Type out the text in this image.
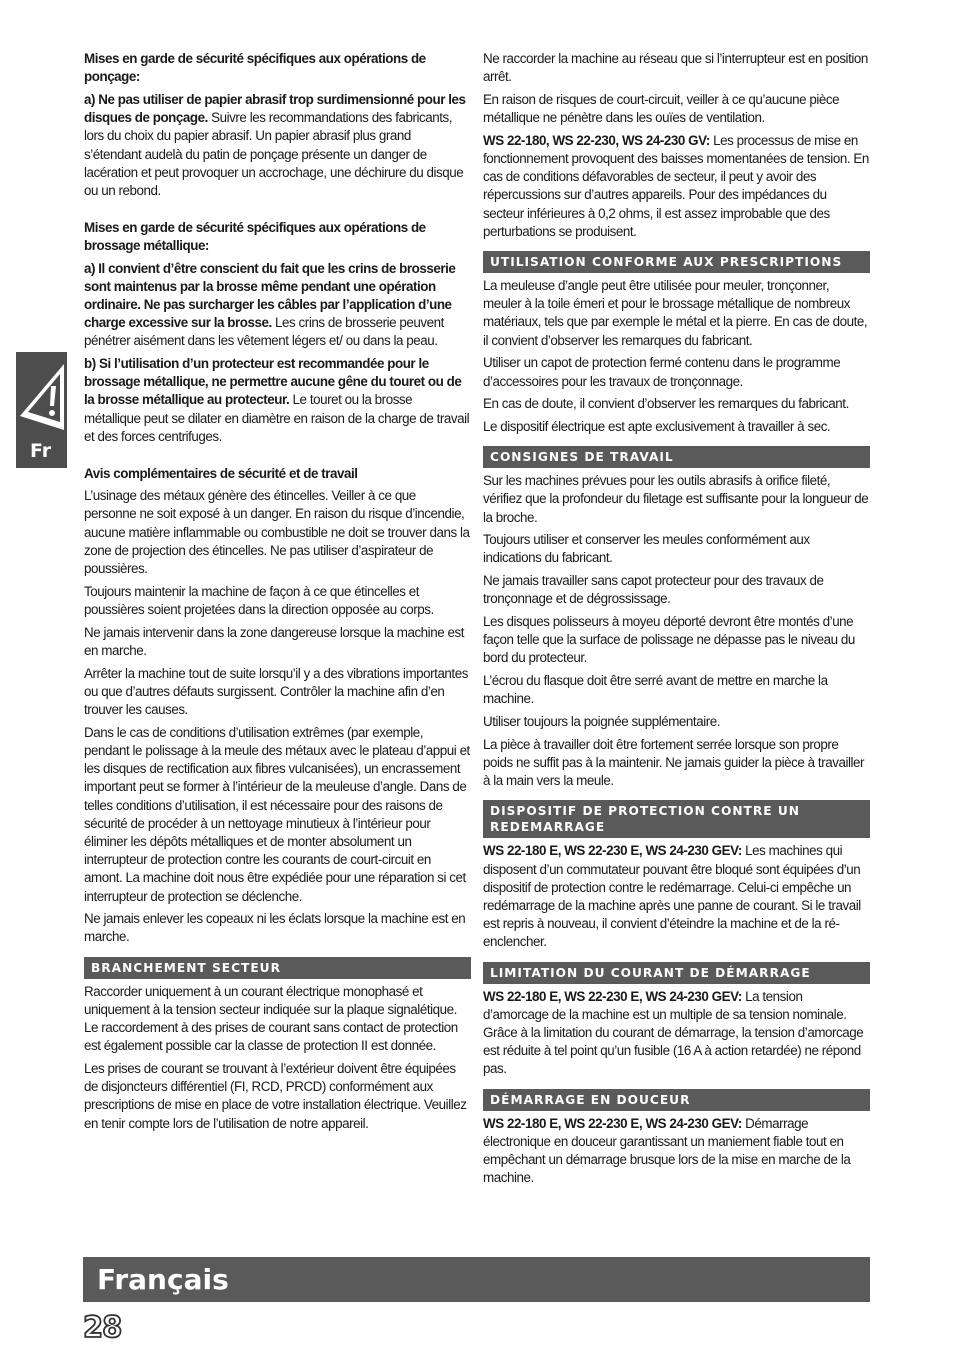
Mises en garde de sécurité spécifiques aux opérations de ponçage:

a) Ne pas utiliser de papier abrasif trop surdimensionné pour les disques de ponçage. Suivre les recommandations des fabricants, lors du choix du papier abrasif. Un papier abrasif plus grand s’étendant audelà du patin de ponçage présente un danger de lacération et peut provoquer un accrochage, une déchirure du disque ou un rebond.

Mises en garde de sécurité spécifiques aux opérations de brossage métallique:

a) Il convient d’être conscient du fait que les crins de brosserie sont maintenus par la brosse même pendant une opération ordinaire. Ne pas surcharger les câbles par l’application d’une charge excessive sur la brosse. Les crins de brosserie peuvent pénétrer aisément dans les vêtement légers et/ ou dans la peau.

b) Si l’utilisation d’un protecteur est recommandée pour le brossage métallique, ne permettre aucune gêne du touret ou de la brosse métallique au protecteur. Le touret ou la brosse métallique peut se dilater en diamètre en raison de la charge de travail et des forces centrifuges.

Avis complémentaires de sécurité et de travail

L’usinage des métaux génère des étincelles. Veiller à ce que personne ne soit exposé à un danger. En raison du risque d’incendie, aucune matière inflammable ou combustible ne doit se trouver dans la zone de projection des étincelles. Ne pas utiliser d’aspirateur de poussières.

Toujours maintenir la machine de façon à ce que étincelles et poussières soient projetées dans la direction opposée au corps.

Ne jamais intervenir dans la zone dangereuse lorsque la machine est en marche.

Arrêter la machine tout de suite lorsqu’il y a des vibrations importantes ou que d’autres défauts surgissent. Contrôler la machine afin d’en trouver les causes.

Dans le cas de conditions d’utilisation extrêmes (par exemple, pendant le polissage à la meule des métaux avec le plateau d’appui et les disques de rectification aux fibres vulcanisées), un encrassement important peut se former à l’intérieur de la meuleuse d’angle. Dans de telles conditions d’utilisation, il est nécessaire pour des raisons de sécurité de procéder à un nettoyage minutieux à l’intérieur pour éliminer les dépôts métalliques et de monter absolument un interrupteur de protection contre les courants de court-circuit en amont. La machine doit nous être expédiée pour une réparation si cet interrupteur de protection se déclenche.

Ne jamais enlever les copeaux ni les éclats lorsque la machine est en marche.

BRANCHEMENT SECTEUR

Raccorder uniquement à un courant électrique monophasé et uniquement à la tension secteur indiquée sur la plaque signalétique. Le raccordement à des prises de courant sans contact de protection est également possible car la classe de protection II est donnée.

Les prises de courant se trouvant à l’extérieur doivent être équipées de disjoncteurs différentiel (FI, RCD, PRCD) conformément aux prescriptions de mise en place de votre installation électrique. Veuillez en tenir compte lors de l’utilisation de notre appareil.

Ne raccorder la machine au réseau que si l’interrupteur est en position arrêt.

En raison de risques de court-circuit, veiller à ce qu’aucune pièce métallique ne pénètre dans les ouïes de ventilation.

WS 22-180, WS 22-230, WS 24-230 GV: Les processus de mise en fonctionnement provoquent des baisses momentanées de tension. En cas de conditions défavorables de secteur, il peut y avoir des répercussions sur d’autres appareils. Pour des impédances du secteur inférieures à 0,2 ohms, il est assez improbable que des perturbations se produisent.

UTILISATION CONFORME AUX PRESCRIPTIONS

La meuleuse d’angle peut être utilisée pour meuler, tronçonner, meuler à la toile émeri et pour le brossage métallique de nombreux matériaux, tels que par exemple le métal et la pierre. En cas de doute, il convient d’observer les remarques du fabricant.

Utiliser un capot de protection fermé contenu dans le programme d’accessoires pour les travaux de tronçonnage.

En cas de doute, il convient d’observer les remarques du fabricant.

Le dispositif électrique est apte exclusivement à travailler à sec.

CONSIGNES DE TRAVAIL

Sur les machines prévues pour les outils abrasifs à orifice fileté, vérifiez que la profondeur du filetage est suffisante pour la longueur de la broche.

Toujours utiliser et conserver les meules conformément aux indications du fabricant.

Ne jamais travailler sans capot protecteur pour des travaux de tronçonnage et de dégrossissage.

Les disques polisseurs à moyeu déporté devront être montés d’une façon telle que la surface de polissage ne dépasse pas le niveau du bord du protecteur.

L’écrou du flasque doit être serré avant de mettre en marche la machine.

Utiliser toujours la poignée supplémentaire.

La pièce à travailler doit être fortement serrée lorsque son propre poids ne suffit pas à la maintenir. Ne jamais guider la pièce à travailler à la main vers la meule.

DISPOSITIF DE PROTECTION CONTRE UN REDEMARRAGE

WS 22-180 E, WS 22-230 E, WS 24-230 GEV: Les machines qui disposent d’un commutateur pouvant être bloqué sont équipées d’un dispositif de protection contre le redémarrage. Celui-ci empêche un redémarrage de la machine après une panne de courant. Si le travail est repris à nouveau, il convient d’éteindre la machine et de la ré-enclencher.

LIMITATION DU COURANT DE DÉMARRAGE

WS 22-180 E, WS 22-230 E, WS 24-230 GEV: La tension d’amorcage de la machine est un multiple de sa tension nominale. Grâce à la limitation du courant de démarrage, la tension d’amorcage est réduite à tel point qu’un fusible (16 A à action retardée) ne répond pas.

DÉMARRAGE EN DOUCEUR

WS 22-180 E, WS 22-230 E, WS 24-230 GEV: Démarrage électronique en douceur garantissant un maniement fiable tout en empêchant un démarrage brusque lors de la mise en marche de la machine.

Fr
Français
28
